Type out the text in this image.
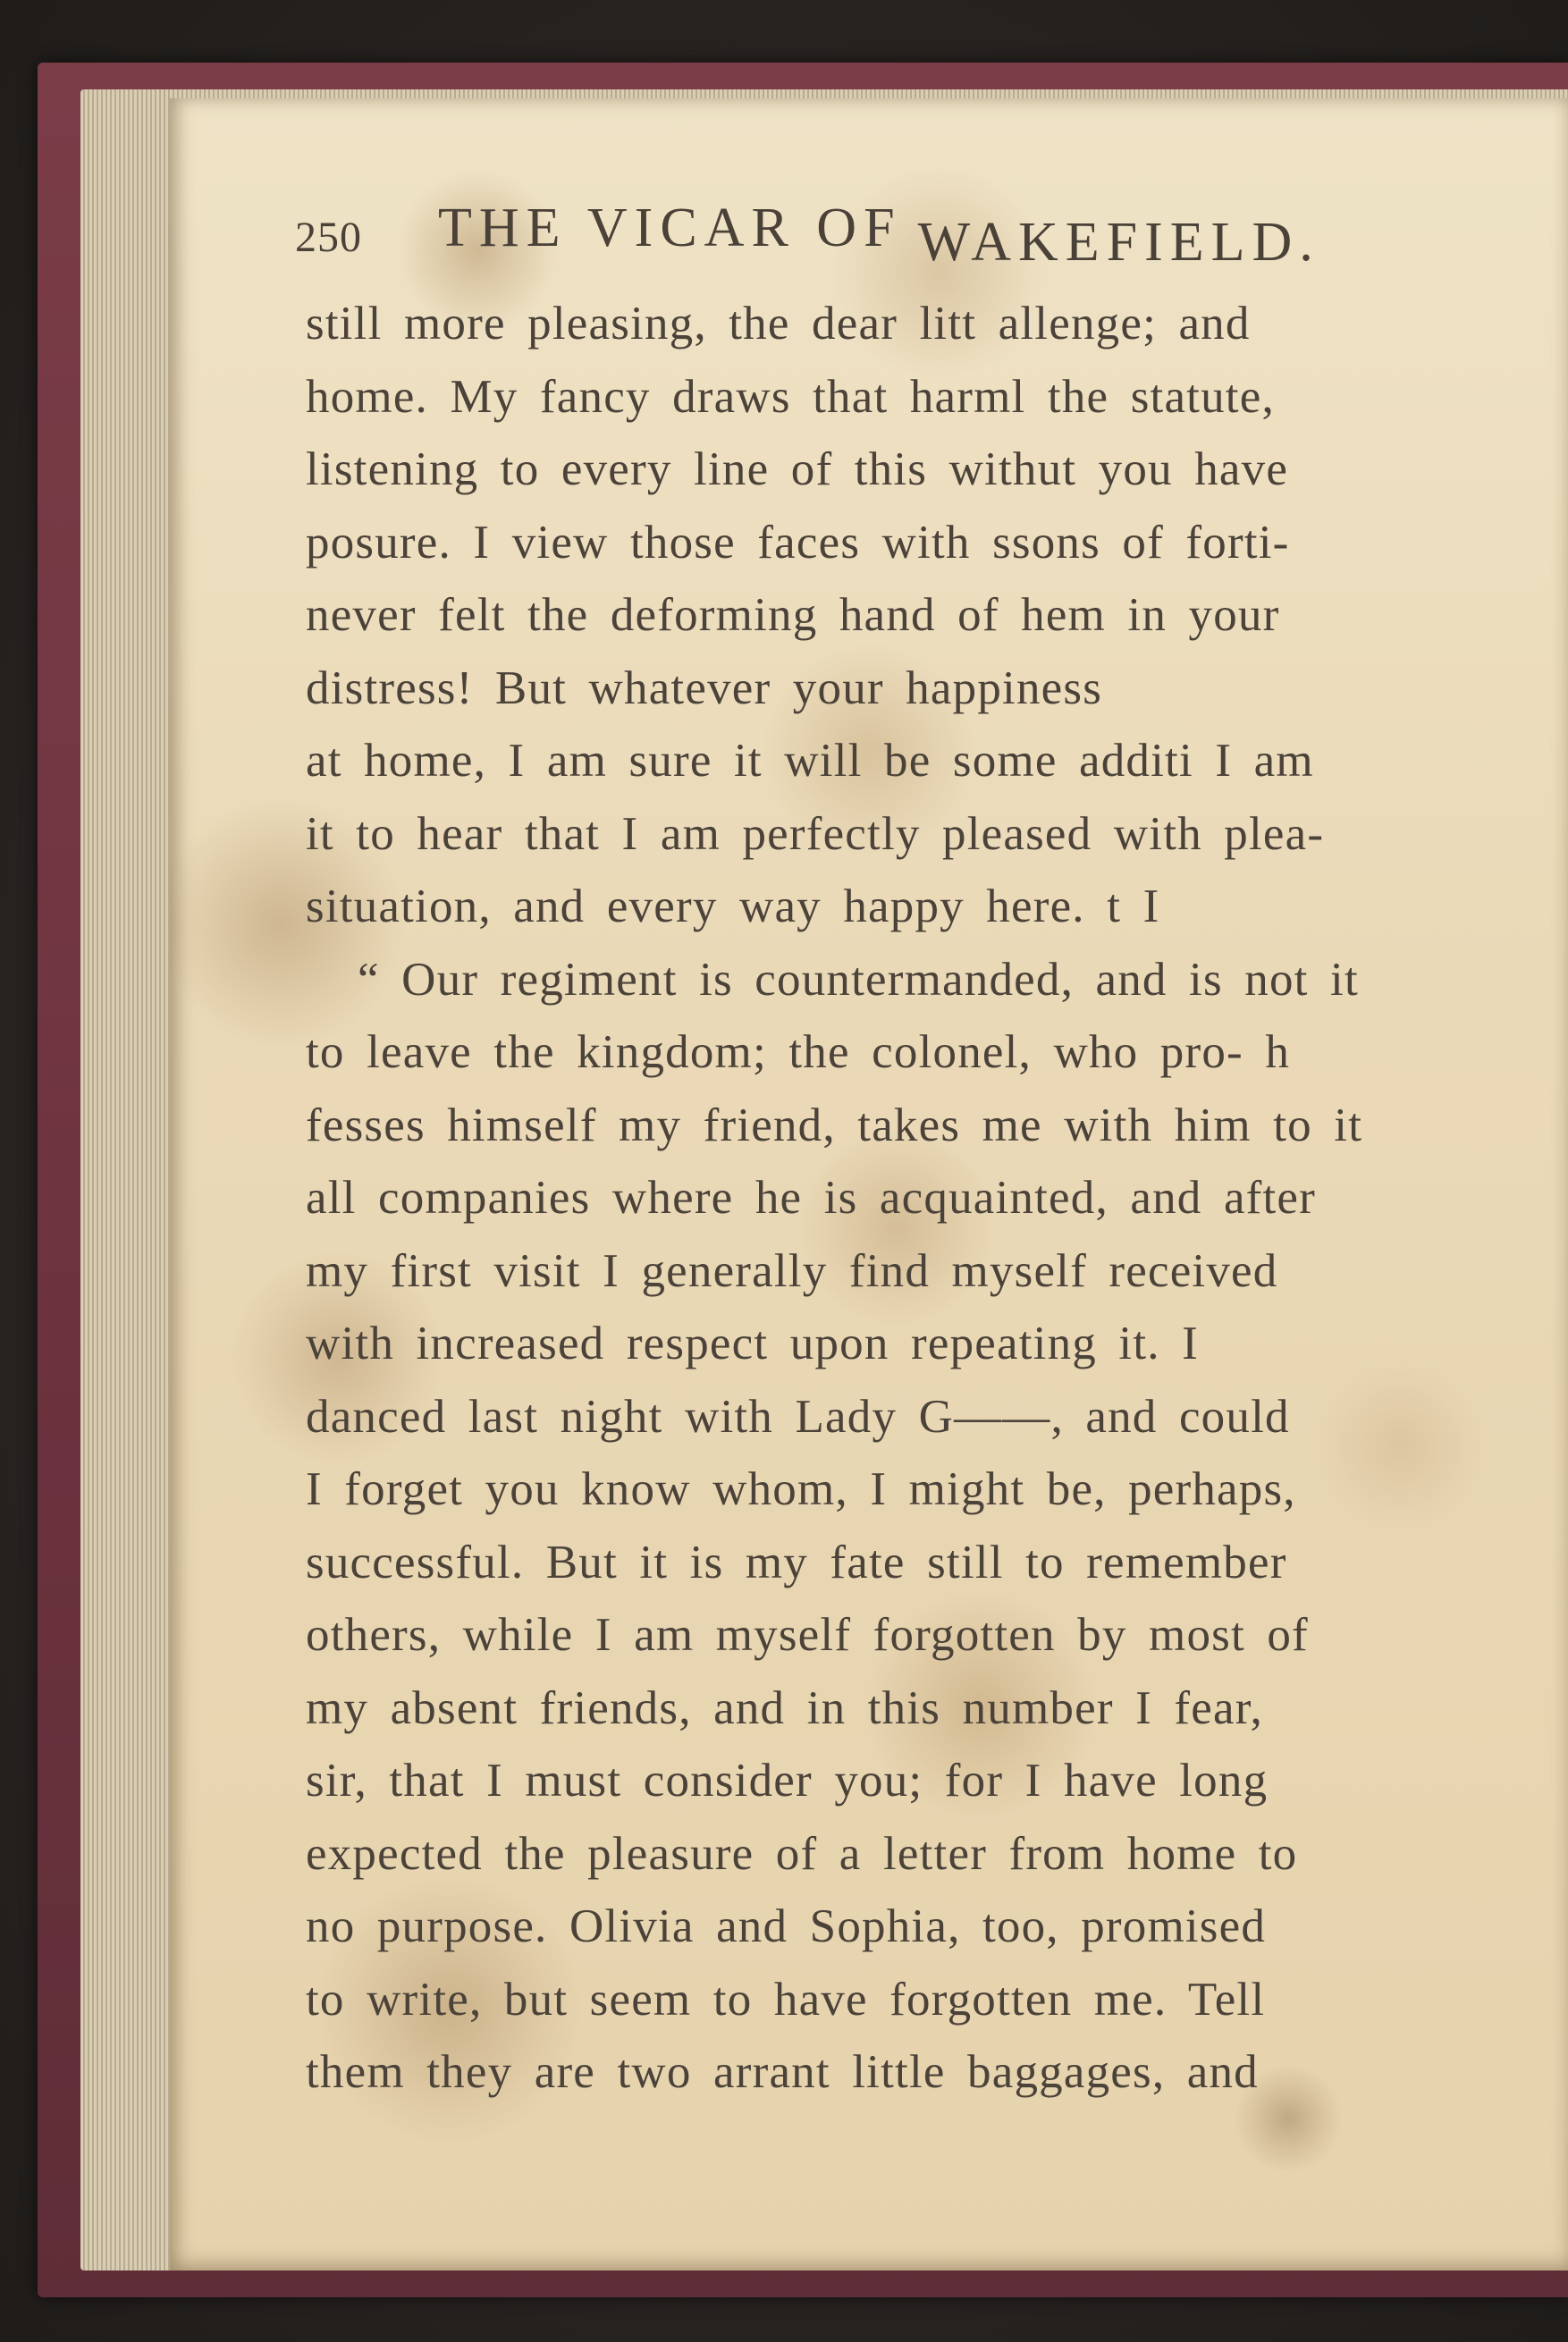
250 THE VICAR OF WAKEFIELD.
still more pleasing, the dear litt allenge; and
home. My fancy draws that harml the statute,
listening to every line of this withut you have
posure. I view those faces with ssons of forti-
never felt the deforming hand of hem in your
distress! But whatever your happiness
at home, I am sure it will be some additi I am
it to hear that I am perfectly pleased with plea-
situation, and every way happy here. t I
“ Our regiment is countermanded, and is not it
to leave the kingdom; the colonel, who pro- h
fesses himself my friend, takes me with him to it
all companies where he is acquainted, and after
my first visit I generally find myself received
with increased respect upon repeating it. I
danced last night with Lady G——, and could
I forget you know whom, I might be, perhaps,
successful. But it is my fate still to remember
others, while I am myself forgotten by most of
my absent friends, and in this number I fear,
sir, that I must consider you; for I have long
expected the pleasure of a letter from home to
no purpose. Olivia and Sophia, too, promised
to write, but seem to have forgotten me. Tell
them they are two arrant little baggages, and
